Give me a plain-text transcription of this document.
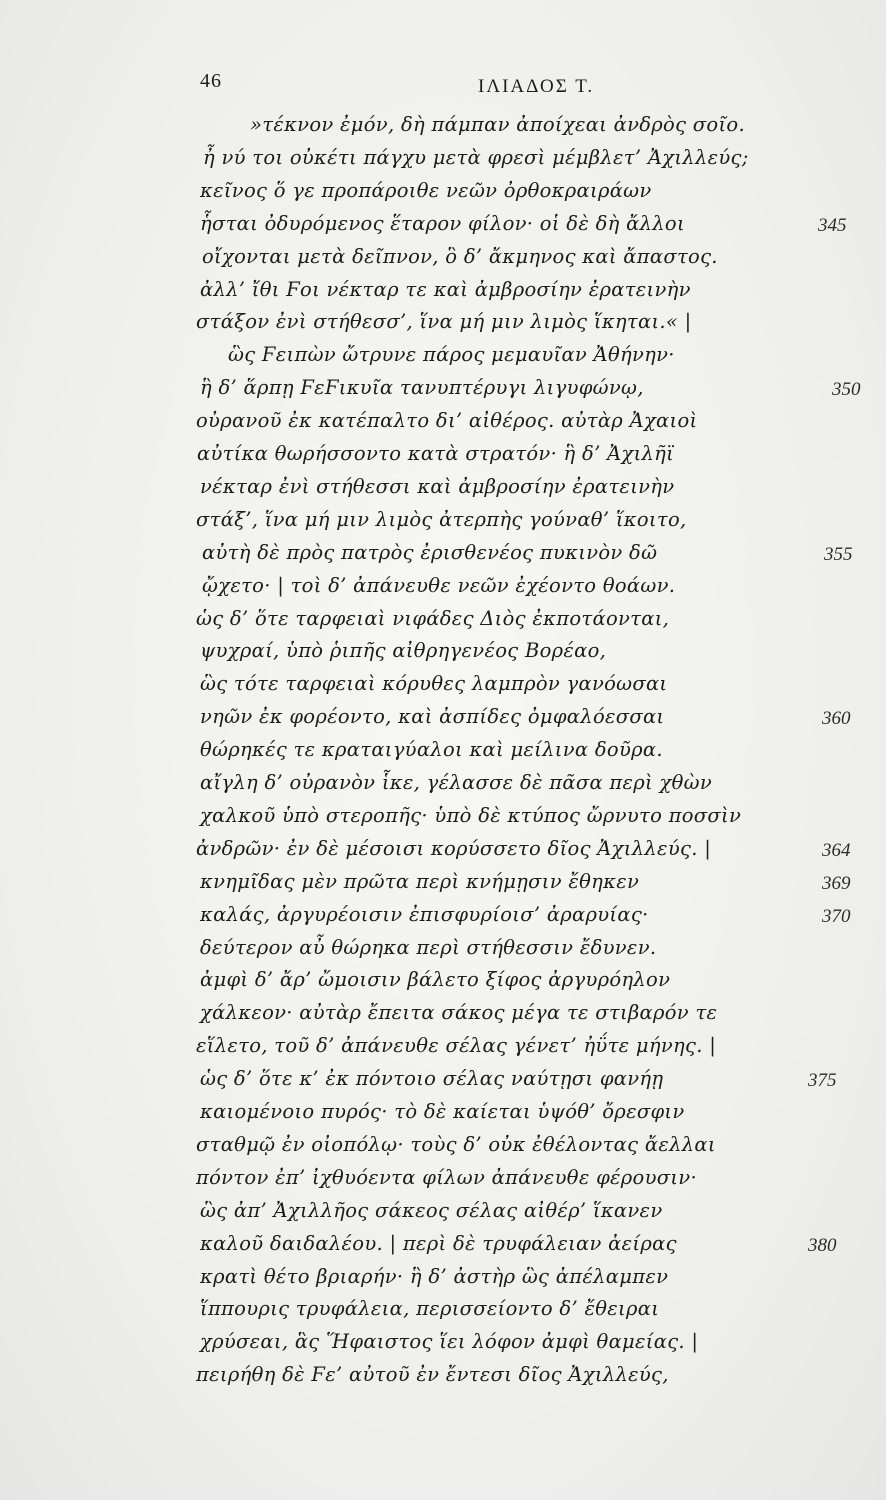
46	ΙΛΙΑΔΟΣ Τ.
»τέκνον ἐμόν, δὴ πάμπαν ἀποίχεαι ἀνδρὸς σοῖο.
ἦ νύ τοι οὐκέτι πάγχυ μετὰ φρεσὶ μέμβλετ’ Ἀχιλλεύς;
κεῖνος ὅ γε προπάροιθε νεῶν ὀρθοκραιράων
ἧσται ὀδυρόμενος ἕταρον φίλον· οἱ δὲ δὴ ἄλλοι	345
οἴχονται μετὰ δεῖπνον, ὃ δ’ ἄκμηνος καὶ ἄπαστος.
ἀλλ’ ἴθι Ϝοι νέκταρ τε καὶ ἀμβροσίην ἐρατεινὴν
στάξον ἐνὶ στήθεσσ’, ἵνα μή μιν λιμὸς ἵκηται.« |
ὣς Ϝειπὼν ὤτρυνε πάρος μεμαυῖαν Ἀθήνην·
ἣ δ’ ἅρπῃ ϜεϜικυῖα τανυπτέρυγι λιγυφώνῳ,	350
οὐρανοῦ ἐκ κατέπαλτο δι’ αἰθέρος. αὐτὰρ Ἀχαιοὶ
αὐτίκα θωρήσσοντο κατὰ στρατόν· ἣ δ’ Ἀχιλῆϊ
νέκταρ ἐνὶ στήθεσσι καὶ ἀμβροσίην ἐρατεινὴν
στάξ’, ἵνα μή μιν λιμὸς ἀτερπὴς γούναθ’ ἵκοιτο,
αὐτὴ δὲ πρὸς πατρὸς ἐρισθενέος πυκινὸν δῶ	355
ᾤχετο· | τοὶ δ’ ἀπάνευθε νεῶν ἐχέοντο θοάων.
ὡς δ’ ὅτε ταρφειαὶ νιφάδες Διὸς ἐκποτάονται,
ψυχραί, ὑπὸ ῥιπῆς αἰθρηγενέος Βορέαο,
ὣς τότε ταρφειαὶ κόρυθες λαμπρὸν γανόωσαι
νηῶν ἐκ φορέοντο, καὶ ἀσπίδες ὀμφαλόεσσαι	360
θώρηκές τε κραταιγύαλοι καὶ μείλινα δοῦρα.
αἴγλη δ’ οὐρανὸν ἷκε, γέλασσε δὲ πᾶσα περὶ χθὼν
χαλκοῦ ὑπὸ στεροπῆς· ὑπὸ δὲ κτύπος ὤρνυτο ποσσὶν
ἀνδρῶν· ἐν δὲ μέσοισι κορύσσετο δῖος Ἀχιλλεύς. |	364
κνημῖδας μὲν πρῶτα περὶ κνήμῃσιν ἔθηκεν	369
καλάς, ἀργυρέοισιν ἐπισφυρίοισ’ ἀραρυίας·	370
δεύτερον αὖ θώρηκα περὶ στήθεσσιν ἔδυνεν.
ἀμφὶ δ’ ἄρ’ ὤμοισιν βάλετο ξίφος ἀργυρόηλον
χάλκεον· αὐτὰρ ἔπειτα σάκος μέγα τε στιβαρόν τε
εἵλετο, τοῦ δ’ ἀπάνευθε σέλας γένετ’ ἠΰτε μήνης. |
ὡς δ’ ὅτε κ’ ἐκ πόντοιο σέλας ναύτῃσι φανήῃ	375
καιομένοιο πυρός· τὸ δὲ καίεται ὑψόθ’ ὄρεσφιν
σταθμῷ ἐν οἰοπόλῳ· τοὺς δ’ οὐκ ἐθέλοντας ἄελλαι
πόντον ἐπ’ ἰχθυόεντα φίλων ἀπάνευθε φέρουσιν·
ὣς ἀπ’ Ἀχιλλῆος σάκεος σέλας αἰθέρ’ ἵκανεν
καλοῦ δαιδαλέου. | περὶ δὲ τρυφάλειαν ἀείρας	380
κρατὶ θέτο βριαρήν· ἣ δ’ ἀστὴρ ὣς ἀπέλαμπεν
ἵππουρις τρυφάλεια, περισσείοντο δ’ ἔθειραι
χρύσεαι, ἃς Ἥφαιστος ἵει λόφον ἀμφὶ θαμείας. |
πειρήθη δὲ Ϝε’ αὐτοῦ ἐν ἔντεσι δῖος Ἀχιλλεύς,
